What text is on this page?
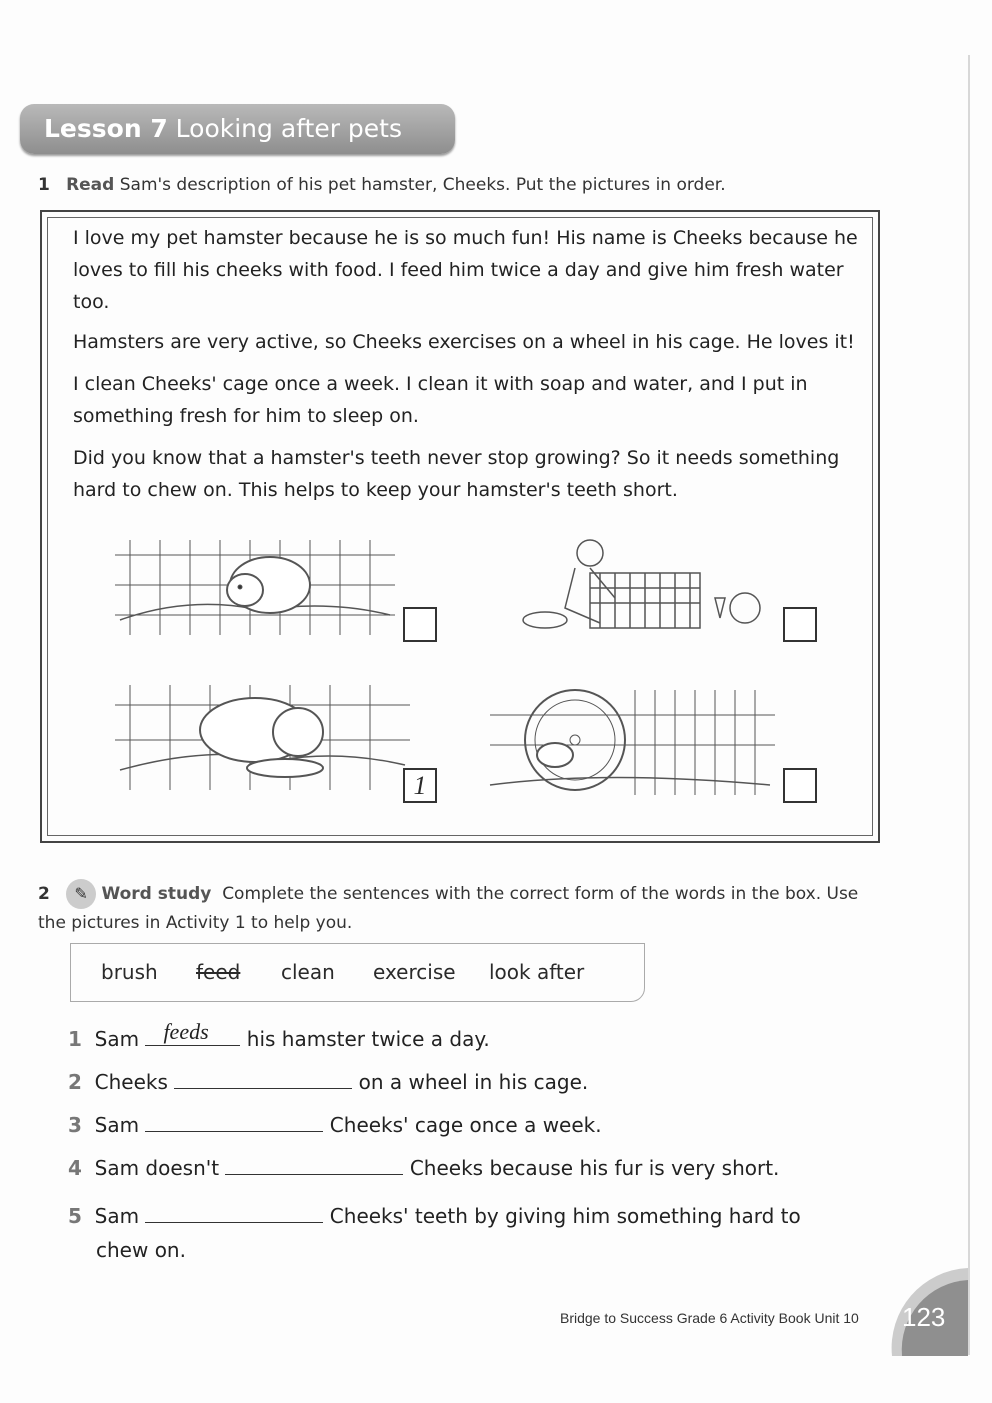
Lesson 7 Looking after pets
1 Read Sam's description of his pet hamster, Cheeks. Put the pictures in order.
I love my pet hamster because he is so much fun! His name is Cheeks because he loves to fill his cheeks with food. I feed him twice a day and give him fresh water too.
Hamsters are very active, so Cheeks exercises on a wheel in his cage. He loves it!
I clean Cheeks' cage once a week. I clean it with soap and water, and I put in something fresh for him to sleep on.
Did you know that a hamster's teeth never stop growing? So it needs something hard to chew on. This helps to keep your hamster's teeth short.
1
2 ✎ Word study Complete the sentences with the correct form of the words in the box. Use the pictures in Activity 1 to help you.
brush feed clean exercise look after
1 Sam feeds his hamster twice a day.
2 Cheeks	on a wheel in his cage.
3 Sam	Cheeks' cage once a week.
4 Sam doesn't	Cheeks because his fur is very short.
5 Sam	Cheeks' teeth by giving him something hard to
chew on.
Bridge to Success Grade 6 Activity Book Unit 10 123
